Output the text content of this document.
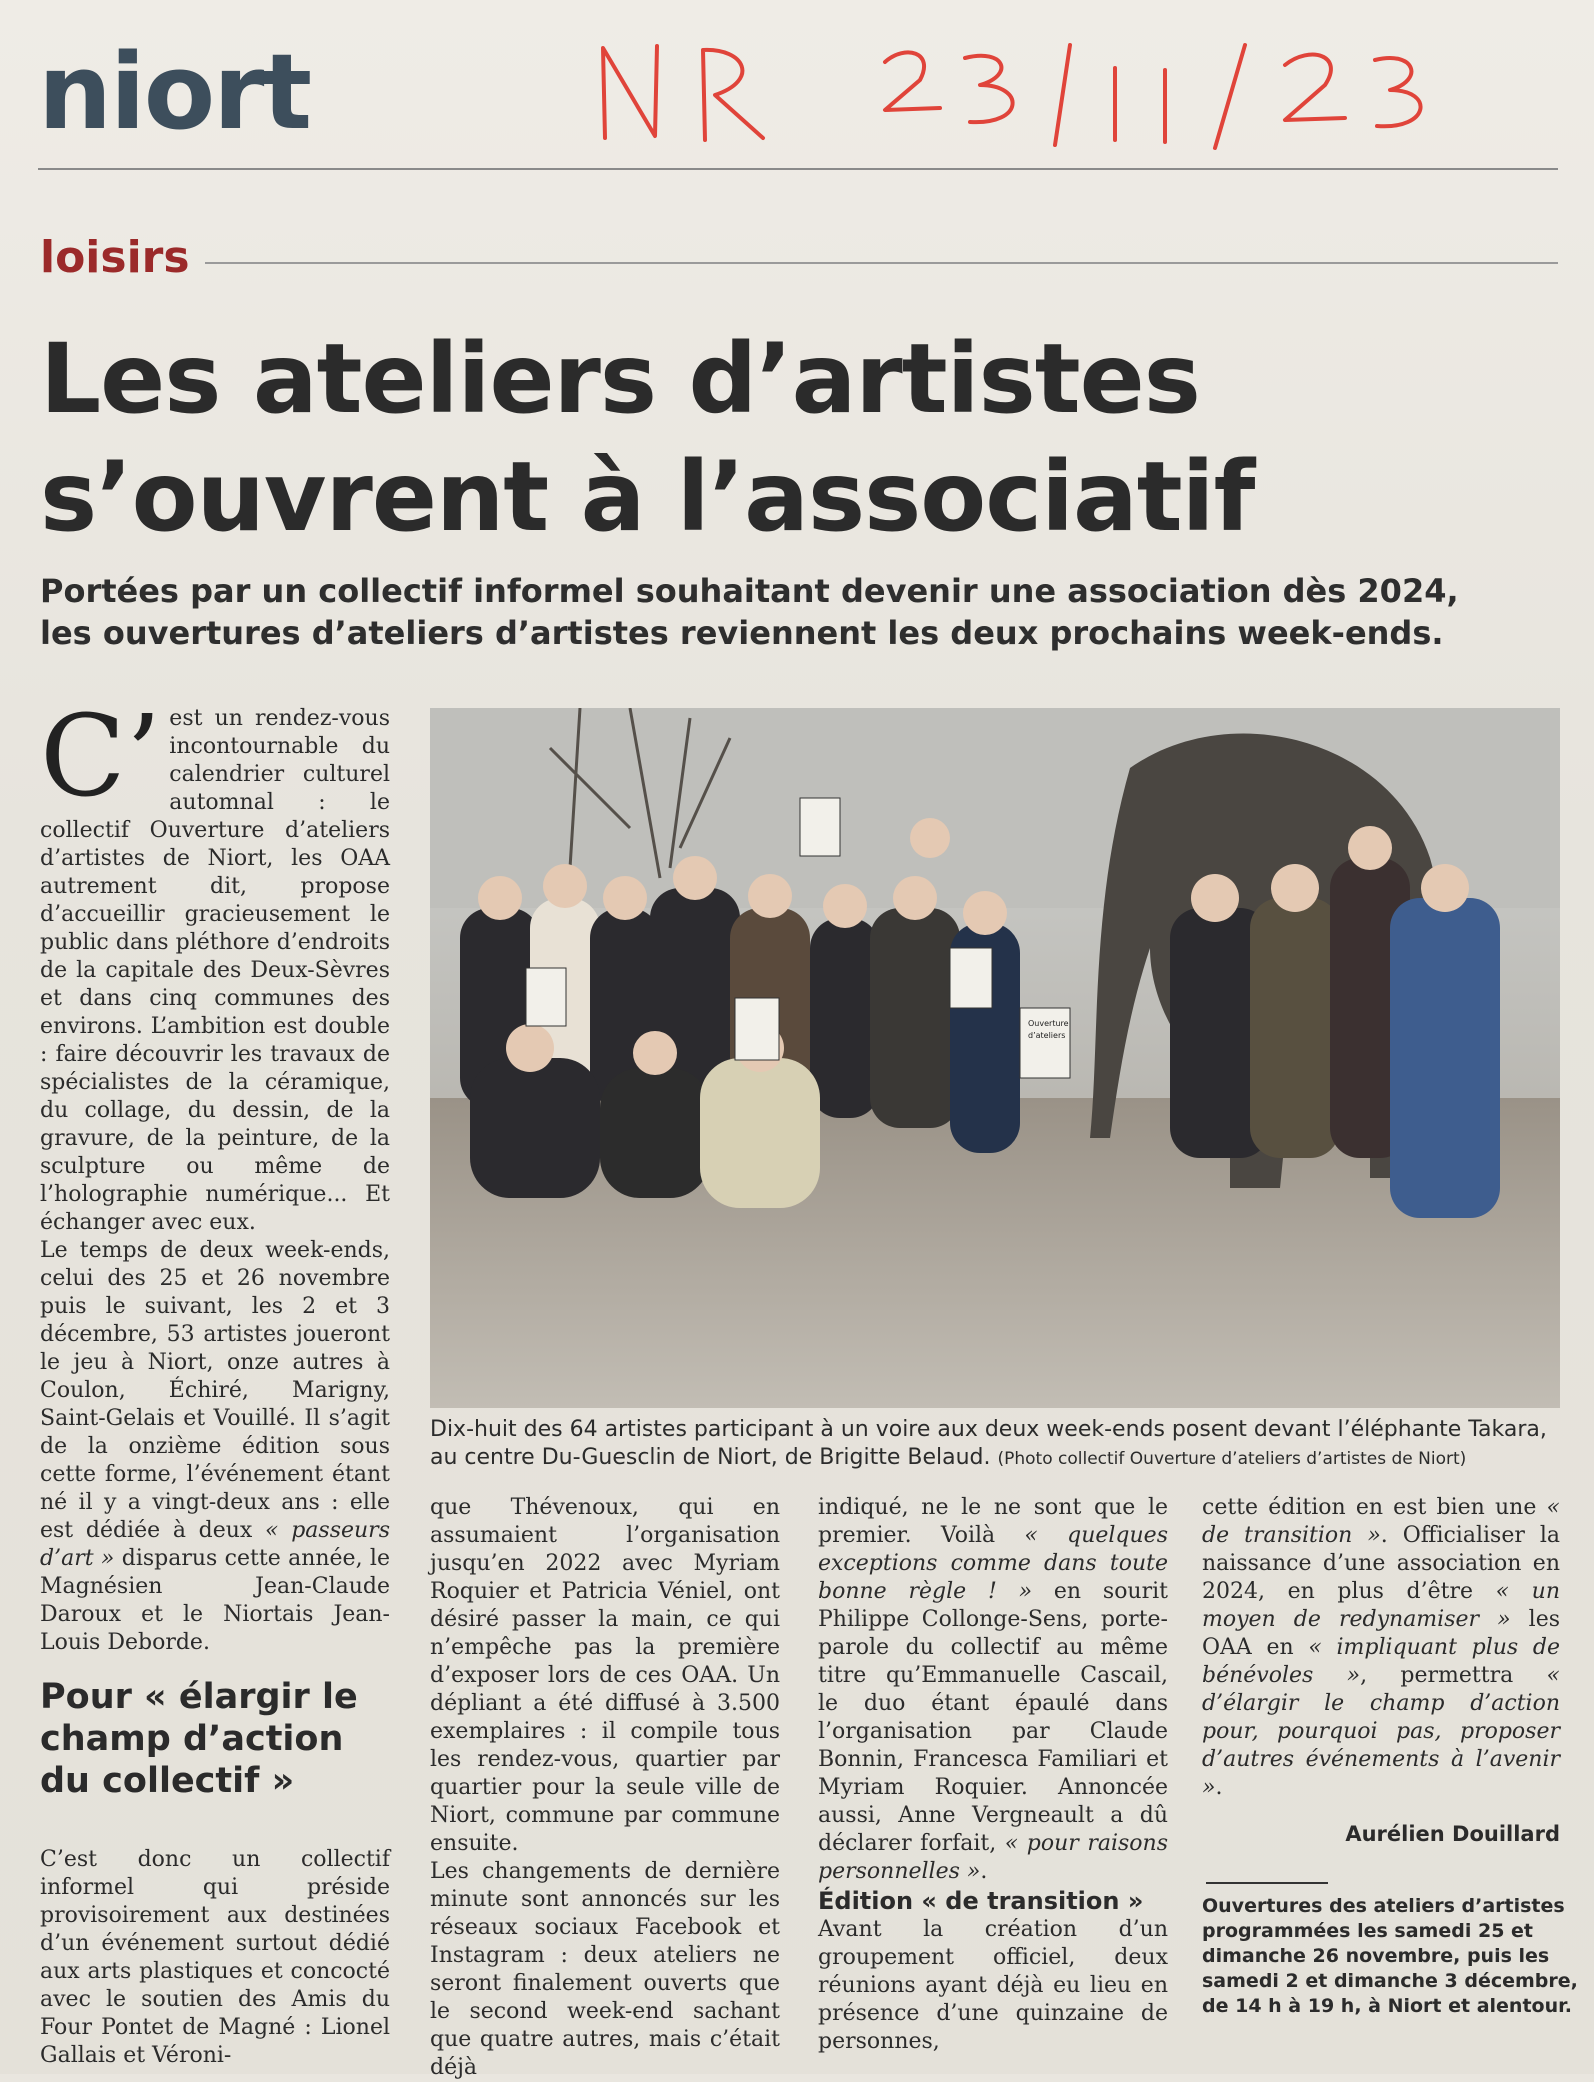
niort
loisirs
Les ateliers d’artistes
s’ouvrent à l’associatif
Portées par un collectif informel souhaitant devenir une association dès 2024,
les ouvertures d’ateliers d’artistes reviennent les deux prochains week-ends.
C’ est un rendez-vous incontournable du calendrier culturel automnal : le collectif Ouverture d’ateliers d’artistes de Niort, les OAA autrement dit, propose d’accueillir gracieusement le public dans pléthore d’endroits de la capitale des Deux-Sèvres et dans cinq communes des environs. L’ambition est double : faire découvrir les travaux de spécialistes de la céramique, du collage, du dessin, de la gravure, de la peinture, de la sculpture ou même de l’holographie numérique... Et échanger avec eux.

Le temps de deux week-ends, celui des 25 et 26 novembre puis le suivant, les 2 et 3 décembre, 53 artistes joueront le jeu à Niort, onze autres à Coulon, Échiré, Marigny, Saint-Gelais et Vouillé. Il s’agit de la onzième édition sous cette forme, l’événement étant né il y a vingt-deux ans : elle est dédiée à deux « passeurs d’art » disparus cette année, le Magnésien Jean-Claude Daroux et le Niortais Jean-Louis Deborde.

Ouverture
d’ateliers
Dix-huit des 64 artistes participant à un voire aux deux week-ends posent devant l’éléphante Takara, au centre Du-Guesclin de Niort, de Brigitte Belaud. (Photo collectif Ouverture d’ateliers d’artistes de Niort)
Pour « élargir le champ d’action du collectif »

C’est donc un collectif informel qui préside provisoirement aux destinées d’un événement surtout dédié aux arts plastiques et concocté avec le soutien des Amis du Four Pontet de Magné : Lionel Gallais et Véroni-

que Thévenoux, qui en assumaient l’organisation jusqu’en 2022 avec Myriam Roquier et Patricia Véniel, ont désiré passer la main, ce qui n’empêche pas la première d’exposer lors de ces OAA. Un dépliant a été diffusé à 3.500 exemplaires : il compile tous les rendez-vous, quartier par quartier pour la seule ville de Niort, commune par commune ensuite.

Les changements de dernière minute sont annoncés sur les réseaux sociaux Facebook et Instagram : deux ateliers ne seront finalement ouverts que le second week-end sachant que quatre autres, mais c’était déjà

indiqué, ne le ne sont que le premier. Voilà « quelques exceptions comme dans toute bonne règle ! » en sourit Philippe Collonge-Sens, porte-parole du collectif au même titre qu’Emmanuelle Cascail, le duo étant épaulé dans l’organisation par Claude Bonnin, Francesca Familiari et Myriam Roquier. Annoncée aussi, Anne Vergneault a dû déclarer forfait, « pour raisons personnelles ».

Édition « de transition »

Avant la création d’un groupement officiel, deux réunions ayant déjà eu lieu en présence d’une quinzaine de personnes,

cette édition en est bien une « de transition ». Officialiser la naissance d’une association en 2024, en plus d’être « un moyen de redynamiser » les OAA en « impliquant plus de bénévoles », permettra « d’élargir le champ d’action pour, pourquoi pas, proposer d’autres événements à l’avenir ».

Aurélien Douillard
Ouvertures des ateliers d’artistes
programmées les samedi 25 et
dimanche 26 novembre, puis les
samedi 2 et dimanche 3 décembre,
de 14 h à 19 h, à Niort et alentour.
